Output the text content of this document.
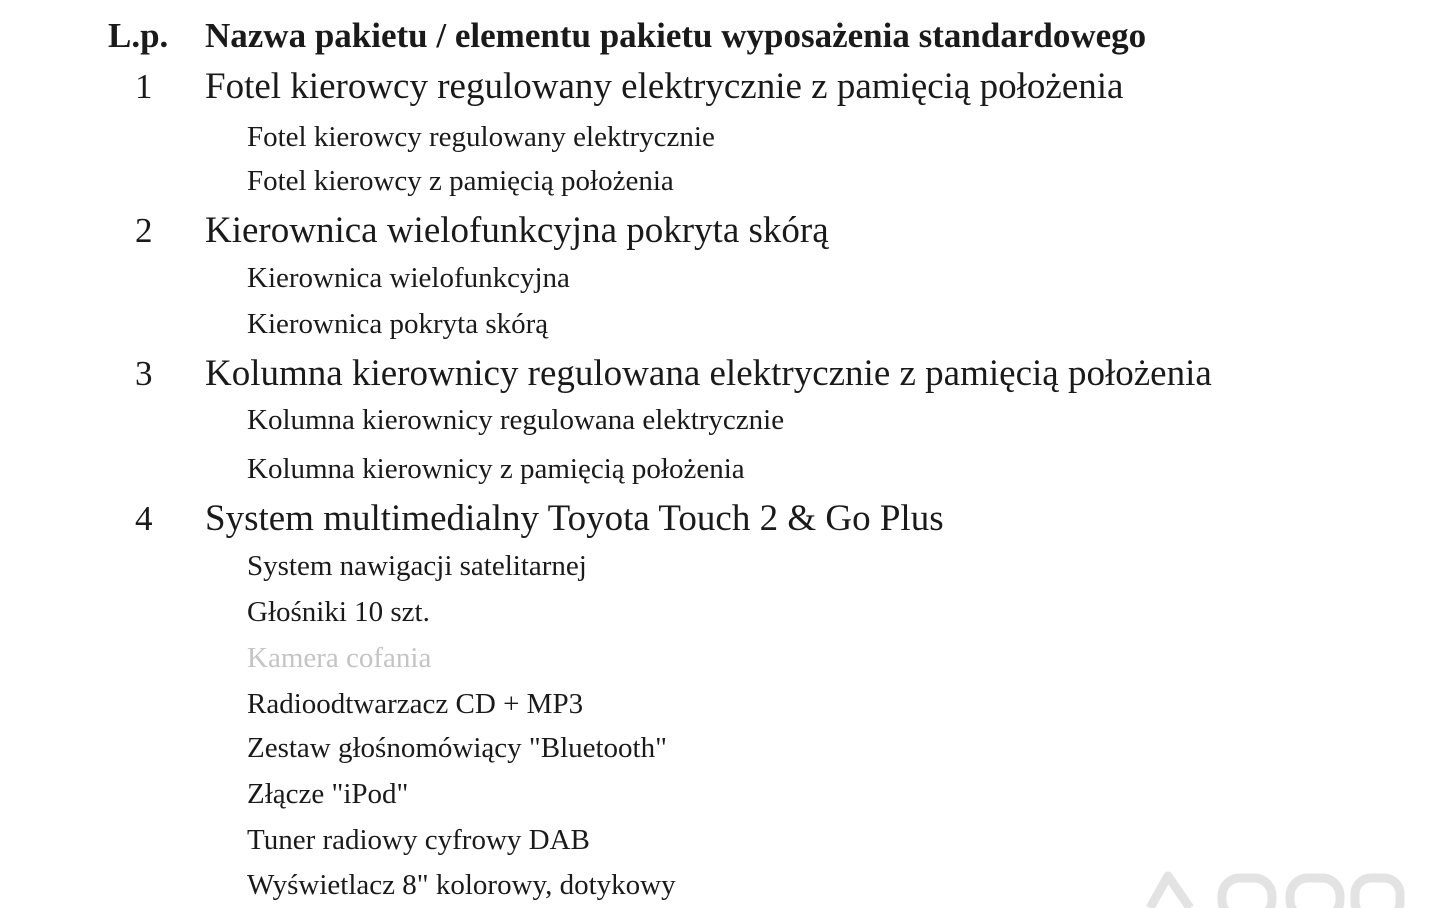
L.p. Nazwa pakietu / elementu pakietu wyposażenia standardowego
1 Fotel kierowcy regulowany elektrycznie z pamięcią położenia
Fotel kierowcy regulowany elektrycznie
Fotel kierowcy z pamięcią położenia
2 Kierownica wielofunkcyjna pokryta skórą
Kierownica wielofunkcyjna
Kierownica pokryta skórą
3 Kolumna kierownicy regulowana elektrycznie z pamięcią położenia
Kolumna kierownicy regulowana elektrycznie
Kolumna kierownicy z pamięcią położenia
4 System multimedialny Toyota Touch 2 & Go Plus
System nawigacji satelitarnej
Głośniki 10 szt.
Kamera cofania
Radioodtwarzacz CD + MP3
Zestaw głośnomówiący "Bluetooth"
Złącze "iPod"
Tuner radiowy cyfrowy DAB
Wyświetlacz 8" kolorowy, dotykowy
